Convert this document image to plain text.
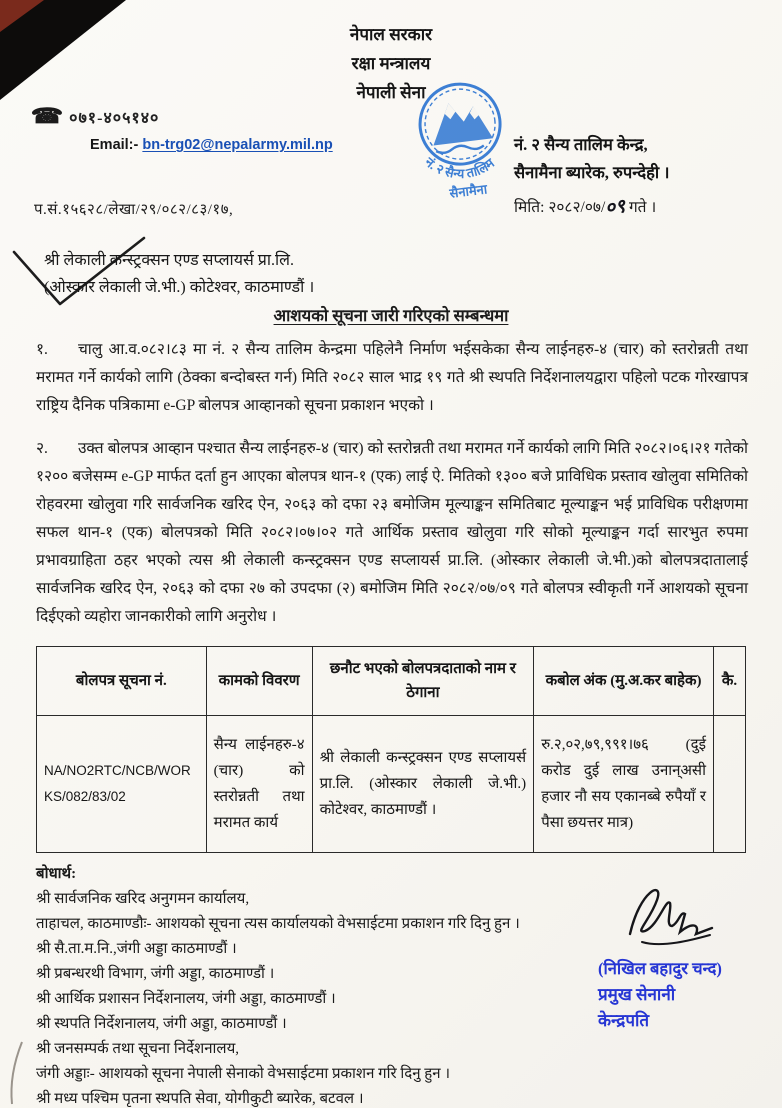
नेपाल सरकार
रक्षा मन्त्रालय
नेपाली सेना
नं. २ सैन्य तालिम
सैनामैना
☎ ०७१-४०५१४०
Email:- bn-trg02@nepalarmy.mil.np	नं. २ सैन्य तालिम केन्द्र,
सैनामैना ब्यारेक, रुपन्देही ।
मिति: २०८२/०७/०९ गते ।
प.सं.१५६२८/लेखा/२९/०८२/८३/१७,
श्री लेकाली कन्स्ट्रक्सन एण्ड सप्लायर्स प्रा.लि.
(ओस्कार लेकाली जे.भी.) कोटेश्वर, काठमाण्डौं ।
आशयको सूचना जारी गरिएको सम्बन्धमा

१. चालु आ.व.०८२।८३ मा नं. २ सैन्य तालिम केन्द्रमा पहिलेनै निर्माण भईसकेका सैन्य लाईनहरु-४ (चार) को स्तरोन्नती तथा मरामत गर्ने कार्यको लागि (ठेक्का बन्दोबस्त गर्न) मिति २०८२ साल भाद्र १९ गते श्री स्थपति निर्देशनालयद्वारा पहिलो पटक गोरखापत्र राष्ट्रिय दैनिक पत्रिकामा e-GP बोलपत्र आव्हानको सूचना प्रकाशन भएको ।

२. उक्त बोलपत्र आव्हान पश्चात सैन्य लाईनहरु-४ (चार) को स्तरोन्नती तथा मरामत गर्ने कार्यको लागि मिति २०८२।०६।२१ गतेको १२०० बजेसम्म e-GP मार्फत दर्ता हुन आएका बोलपत्र थान-१ (एक) लाई ऐ. मितिको १३०० बजे प्राविधिक प्रस्ताव खोलुवा समितिको रोहवरमा खोलुवा गरि सार्वजनिक खरिद ऐन, २०६३ को दफा २३ बमोजिम मूल्याङ्कन समितिबाट मूल्याङ्कन भई प्राविधिक परीक्षणमा सफल थान-१ (एक) बोलपत्रको मिति २०८२।०७।०२ गते आर्थिक प्रस्ताव खोलुवा गरि सोको मूल्याङ्कन गर्दा सारभुत रुपमा प्रभावग्राहिता ठहर भएको त्यस श्री लेकाली कन्स्ट्रक्सन एण्ड सप्लायर्स प्रा.लि. (ओस्कार लेकाली जे.भी.)को बोलपत्रदातालाई सार्वजनिक खरिद ऐन, २०६३ को दफा २७ को उपदफा (२) बमोजिम मिति २०८२/०७/०९ गते बोलपत्र स्वीकृती गर्ने आशयको सूचना दिईएको व्यहोरा जानकारीको लागि अनुरोध ।

बोलपत्र सूचना नं.	कामको विवरण	छनौट भएको बोलपत्रदाताको नाम र ठेगाना	कबोल अंक (मु.अ.कर बाहेक)	कै.
NA/NO2RTC/NCB/WORKS/082/83/02	सैन्य लाईनहरु-४ (चार) को स्तरोन्नती तथा मरामत कार्य	श्री लेकाली कन्स्ट्रक्सन एण्ड सप्लायर्स प्रा.लि. (ओस्कार लेकाली जे.भी.) कोटेश्वर, काठमाण्डौं ।	रु.२,०२,७९,९९१।७६ (दुई करोड दुई लाख उनान्असी हजार नौ सय एकानब्बे रुपैयाँ र पैसा छयत्तर मात्र)	
बोधार्थ:
श्री सार्वजनिक खरिद अनुगमन कार्यालय,
ताहाचल, काठमाण्डौः- आशयको सूचना त्यस कार्यालयको वेभसाईटमा प्रकाशन गरि दिनु हुन ।
श्री सै.ता.म.नि.,जंगी अड्डा काठमाण्डौं ।
श्री प्रबन्धरथी विभाग, जंगी अड्डा, काठमाण्डौं ।
श्री आर्थिक प्रशासन निर्देशनालय, जंगी अड्डा, काठमाण्डौं ।
श्री स्थपति निर्देशनालय, जंगी अड्डा, काठमाण्डौं ।
श्री जनसम्पर्क तथा सूचना निर्देशनालय,
जंगी अड्डाः- आशयको सूचना नेपाली सेनाको वेभसाईटमा प्रकाशन गरि दिनु हुन ।
श्री मध्य पश्चिम पृतना स्थपति सेवा, योगीकुटी ब्यारेक, बटवल ।
(निखिल बहादुर चन्द)
प्रमुख सेनानी
केन्द्रपति
